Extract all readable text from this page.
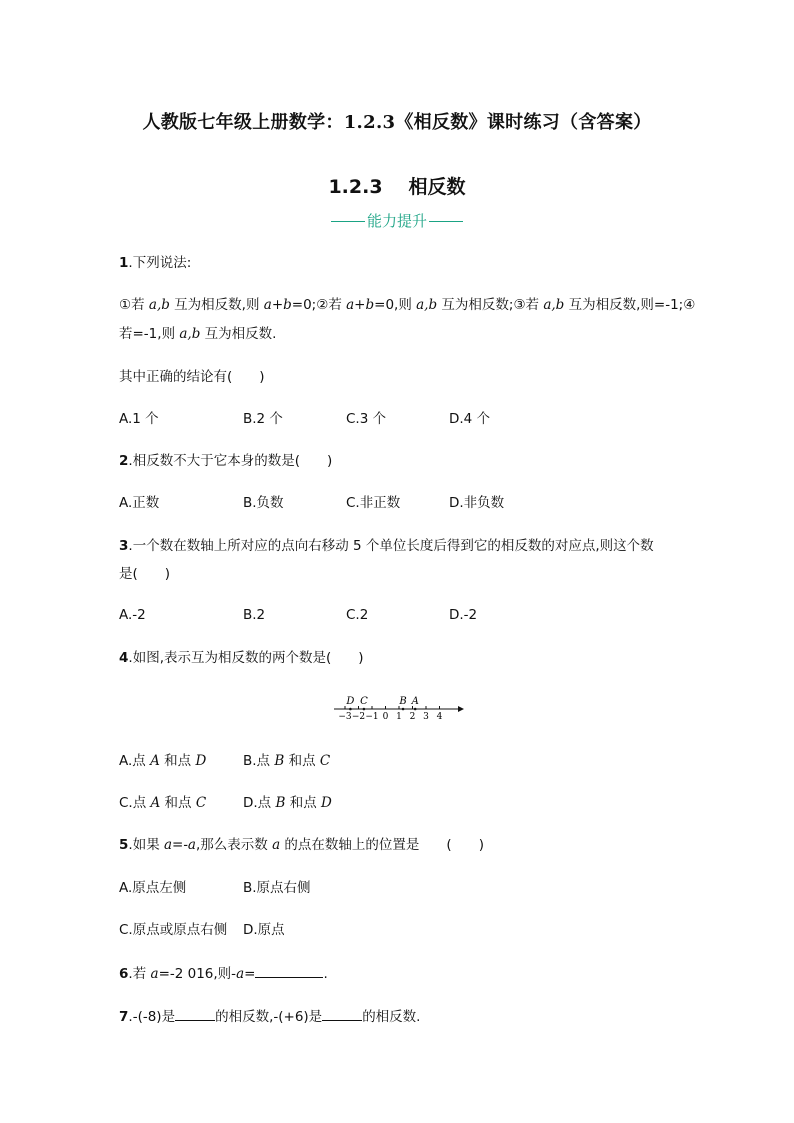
人教版七年级上册数学：1.2.3《相反数》课时练习（含答案）
1.2.3 相反数
能力提升
1.下列说法:
①若 a,b 互为相反数,则 a+b=0;②若 a+b=0,则 a,b 互为相反数;③若 a,b 互为相反数,则=-1;④
若=-1,则 a,b 互为相反数.
其中正确的结论有(　　)
A.1 个	B.2 个	C.3 个	D.4 个
2.相反数不大于它本身的数是(　　)
A.正数	B.负数	C.非正数	D.非负数
3.一个数在数轴上所对应的点向右移动 5 个单位长度后得到它的相反数的对应点,则这个数
是(　　)
A.-2	B.2	C.2	D.-2
4.如图,表示互为相反数的两个数是(　　)
−3 −2 −1 0 1 2 3 4
D C	B A
A.点 A 和点 D	B.点 B 和点 C
C.点 A 和点 C	D.点 B 和点 D
5.如果 a=-a,那么表示数 a 的点在数轴上的位置是　　(　　)
A.原点左侧	B.原点右侧
C.原点或原点右侧 D.原点
6.若 a=-2 016,则-a=	.
7.-(-8)是	的相反数,-(+6)是	的相反数.
